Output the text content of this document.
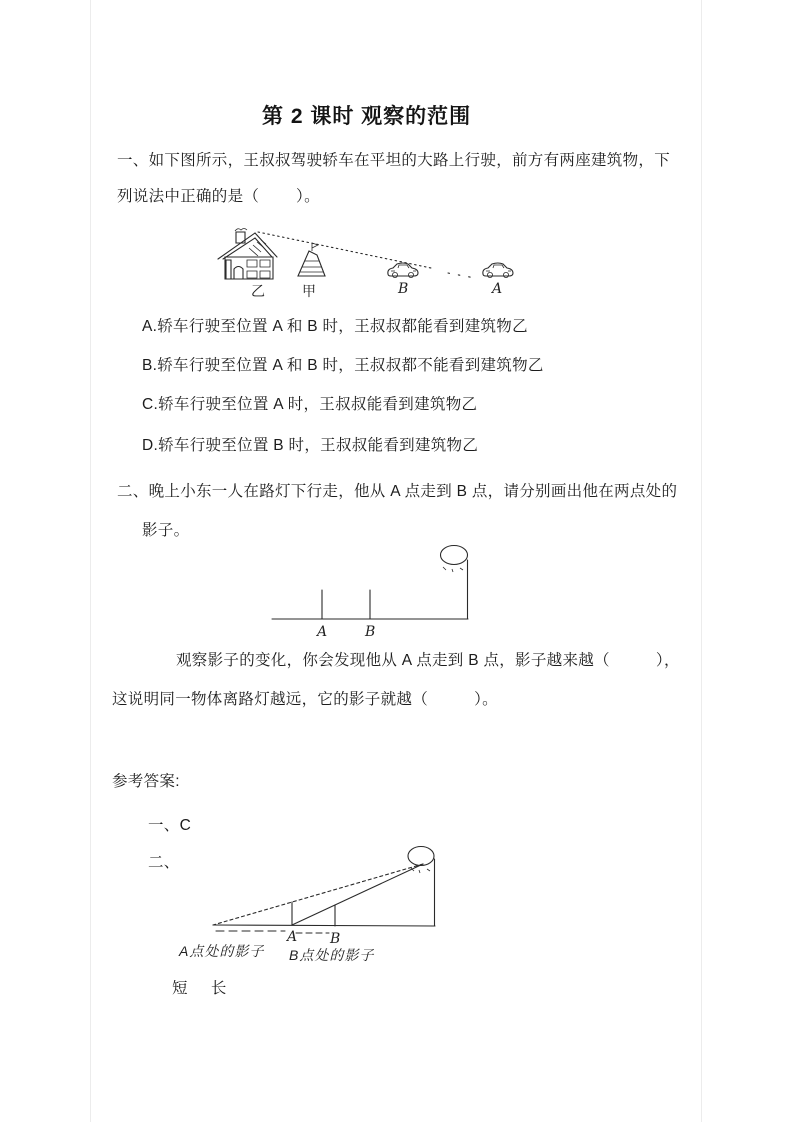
第 2 课时 观察的范围
一、如下图所示，王叔叔驾驶轿车在平坦的大路上行驶，前方有两座建筑物，下
列说法中正确的是（        ）。
乙	甲	B	A
A.轿车行驶至位置 A 和 B 时，王叔叔都能看到建筑物乙
B.轿车行驶至位置 A 和 B 时，王叔叔都不能看到建筑物乙
C.轿车行驶至位置 A 时，王叔叔能看到建筑物乙
D.轿车行驶至位置 B 时，王叔叔能看到建筑物乙
二、晚上小东一人在路灯下行走，他从 A 点走到 B 点，请分别画出他在两点处的
影子。
A	B
观察影子的变化，你会发现他从 A 点走到 B 点，影子越来越（          ），
这说明同一物体离路灯越远，它的影子就越（          ）。
参考答案:
一、C
二、
A B
A点处的影子 B点处的影子
短     长
